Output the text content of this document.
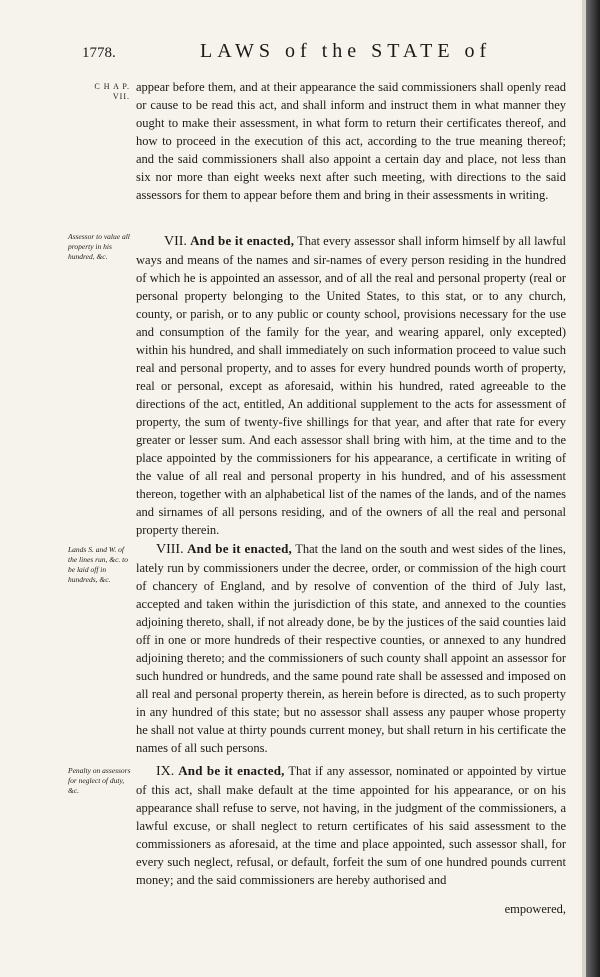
1778.	LAWS of the STATE of
C H A P.
VII.
Assessor to value all property in his hundred, &c.
Lands S. and W. of the lines run, &c. to be laid off in hundreds, &c.
Penalty on assessors for neglect of duty, &c.
appear before them, and at their appearance the said commissioners shall openly read or cause to be read this act, and shall inform and instruct them in what manner they ought to make their assessment, in what form to return their certificates thereof, and how to proceed in the execution of this act, according to the true meaning thereof; and the said commissioners shall also appoint a certain day and place, not less than six nor more than eight weeks next after such meeting, with directions to the said assessors for them to appear before them and bring in their assessments in writing.
VII. And be it enacted, That every assessor shall inform himself by all lawful ways and means of the names and sir-names of every person residing in the hundred of which he is appointed an assessor, and of all the real and personal property (real or personal property belonging to the United States, to this stat, or to any church, county, or parish, or to any public or county school, provisions necessary for the use and consumption of the family for the year, and wearing apparel, only excepted) within his hundred, and shall immediately on such information proceed to value such real and personal property, and to asses for every hundred pounds worth of property, real or personal, except as aforesaid, within his hundred, rated agreeable to the directions of the act, entitled, An additional supplement to the acts for assessment of property, the sum of twenty-five shillings for that year, and after that rate for every greater or lesser sum. And each assessor shall bring with him, at the time and to the place appointed by the commissioners for his appearance, a certificate in writing of the value of all real and personal property in his hundred, and of his assessment thereon, together with an alphabetical list of the names of the lands, and of the names and sirnames of all persons residing, and of the owners of all the real and personal property therein.
VIII. And be it enacted, That the land on the south and west sides of the lines, lately run by commissioners under the decree, order, or commission of the high court of chancery of England, and by resolve of convention of the third of July last, accepted and taken within the jurisdiction of this state, and annexed to the counties adjoining thereto, shall, if not already done, be by the justices of the said counties laid off in one or more hundreds of their respective counties, or annexed to any hundred adjoining thereto; and the commissioners of such county shall appoint an assessor for such hundred or hundreds, and the same pound rate shall be assessed and imposed on all real and personal property therein, as herein before is directed, as to such property in any hundred of this state; but no assessor shall assess any pauper whose property he shall not value at thirty pounds current money, but shall return in his certificate the names of all such persons.
IX. And be it enacted, That if any assessor, nominated or appointed by virtue of this act, shall make default at the time appointed for his appearance, or on his appearance shall refuse to serve, not having, in the judgment of the commissioners, a lawful excuse, or shall neglect to return certificates of his said assessment to the commissioners as aforesaid, at the time and place appointed, such assessor shall, for every such neglect, refusal, or default, forfeit the sum of one hundred pounds current money; and the said commissioners are hereby authorised and
empowered,
